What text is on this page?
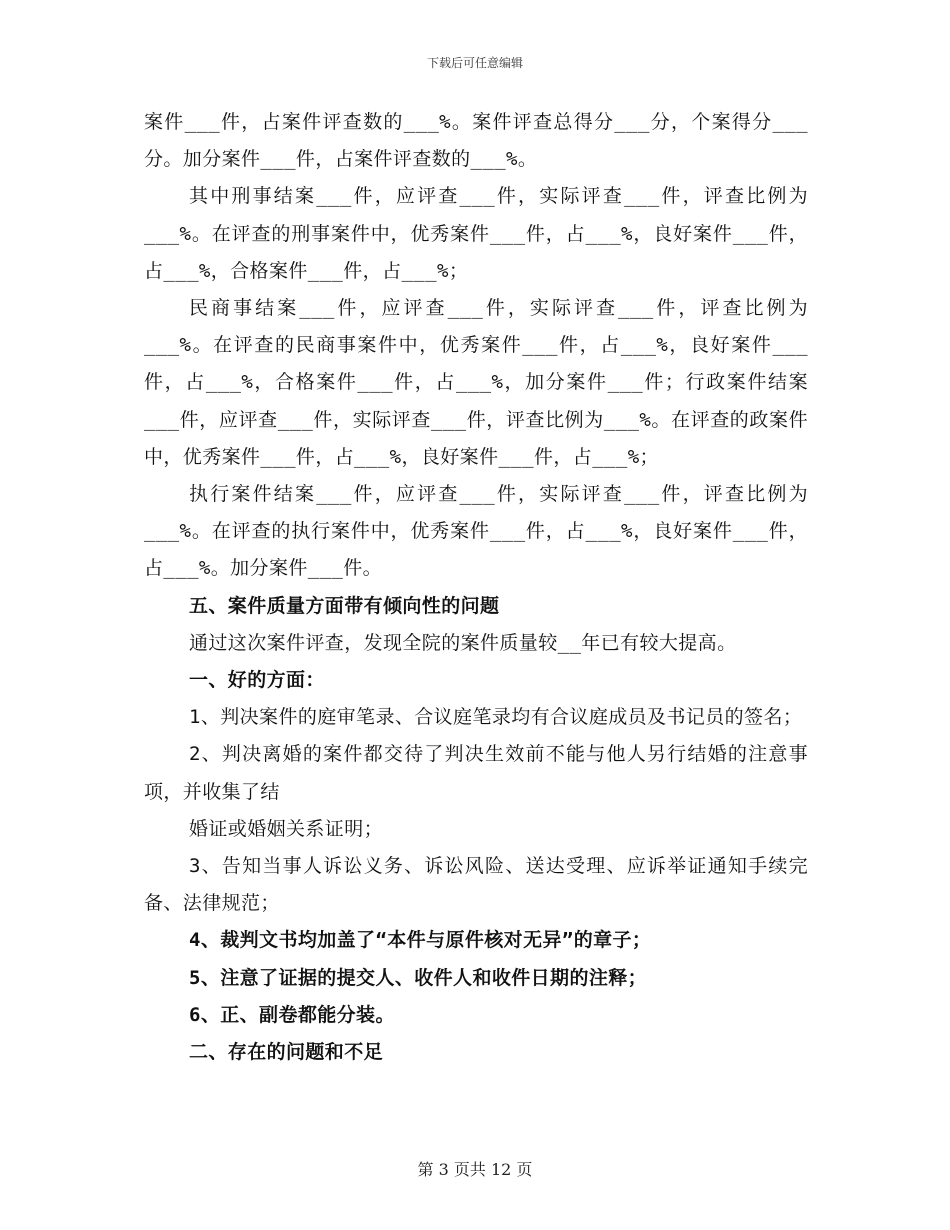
下载后可任意编辑

案件___件，占案件评查数的___%。案件评查总得分___分，个案得分___分。加分案件___件，占案件评查数的___%。

其中刑事结案___件，应评查___件，实际评查___件，评查比例为___%。在评查的刑事案件中，优秀案件___件，占___%，良好案件___件，占___%，合格案件___件，占___%；

民商事结案___件，应评查___件，实际评查___件，评查比例为___%。在评查的民商事案件中，优秀案件___件，占___%，良好案件___件，占___%，合格案件___件，占___%，加分案件___件；行政案件结案___件，应评查___件，实际评查___件，评查比例为___%。在评查的政案件中，优秀案件___件，占___%，良好案件___件，占___%；

执行案件结案___件，应评查___件，实际评查___件，评查比例为___%。在评查的执行案件中，优秀案件___件，占___%，良好案件___件，占___%。加分案件___件。

五、案件质量方面带有倾向性的问题

通过这次案件评查，发现全院的案件质量较__年已有较大提高。

一、好的方面：

1、判决案件的庭审笔录、合议庭笔录均有合议庭成员及书记员的签名；

2、判决离婚的案件都交待了判决生效前不能与他人另行结婚的注意事项，并收集了结

婚证或婚姻关系证明；

3、告知当事人诉讼义务、诉讼风险、送达受理、应诉举证通知手续完备、法律规范；

4、裁判文书均加盖了“本件与原件核对无异”的章子；

5、注意了证据的提交人、收件人和收件日期的注释；

6、正、副卷都能分装。

二、存在的问题和不足

第 3 页共 12 页
